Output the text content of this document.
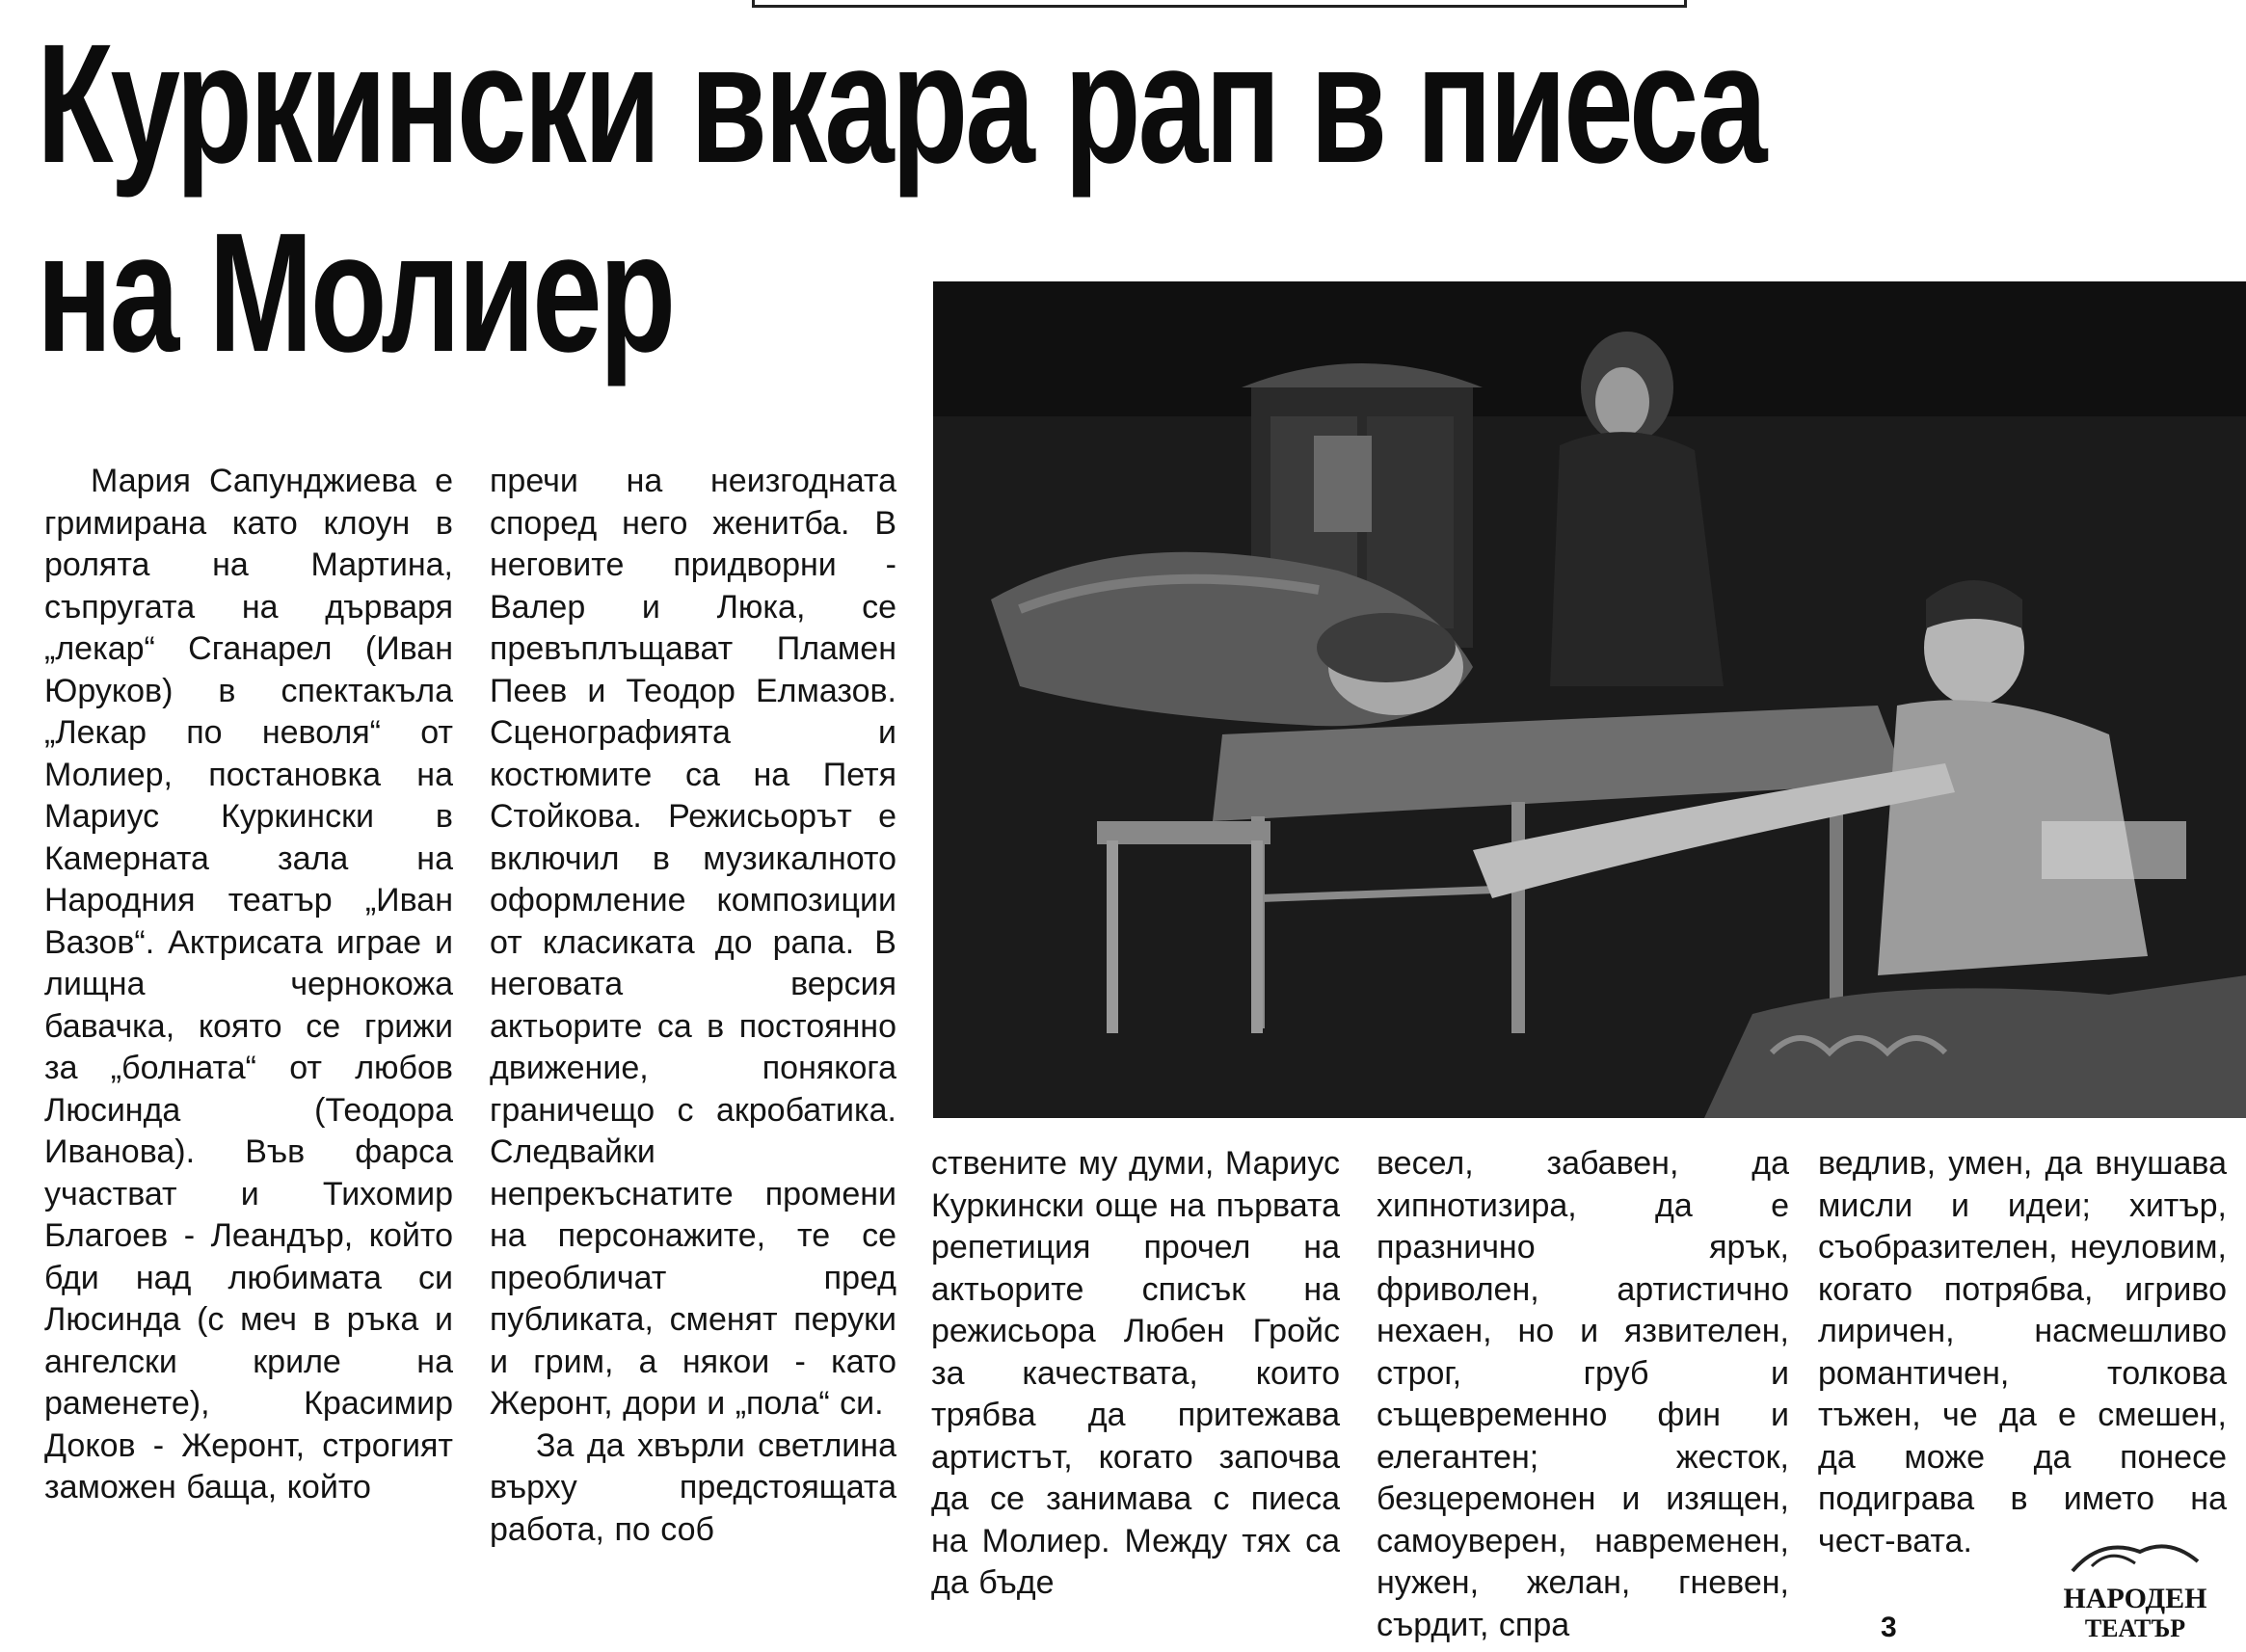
Куркински вкара рап в пиеса
на Молиер

Мария Сапунджиева е гримирана като клоун в ролята на Мартина, съпругата на дърваря „лекар“ Сганарел (Иван Юруков) в спектакъла „Лекар по неволя“ от Молиер, постановка на Мариус Куркински в Камерната зала на Народния театър „Иван Вазов“. Актрисата играе и лищна чернокожа бавачка, която се грижи за „болната“ от любов Люсинда (Теодора Иванова). Във фарса участват и Тихомир Благоев - Леандър, който бди над любимата си Люсинда (с меч в ръка и ангелски криле на раменете), Красимир Доков - Жеронт, строгият заможен баща, който

пречи на неизгодната според него женитба. В неговите придворни - Валер и Люка, се превъплъщават Пламен Пеев и Теодор Елмазов. Сценографията и костюмите са на Петя Стойкова. Режисьорът е включил в музикалното оформление композиции от класиката до рапа. В неговата версия актьорите са в постоянно движение, понякога граничещо с акробатика. Следвайки непрекъснатите промени на персонажите, те се преобличат пред публиката, сменят перуки и грим, а някои - като Жеронт, дори и „пола“ си.

За да хвърли светлина върху предстоящата работа, по соб

ствените му думи, Мариус Куркински още на първата репетиция прочел на актьорите списък на режисьора Любен Гройс за качествата, които трябва да притежава артистът, когато започва да се занимава с пиеса на Молиер. Между тях са да бъде

весел, забавен, да хипнотизира, да е празнично ярък, фриволен, артистично нехаен, но и язвителен, строг, груб и същевременно фин и елегантен; жесток, безцеремонен и изящен, самоуверен, навременен, нужен, желан, гневен, сърдит, спра

ведлив, умен, да внушава мисли и идеи; хитър, съобразителен, неуловим, когато потрябва, игриво лиричен, насмешливо романтичен, толкова тъжен, че да е смешен, да може да понесе подиграва в името на чест-вата.

3
НАРОДЕН
ТЕАТЪР
